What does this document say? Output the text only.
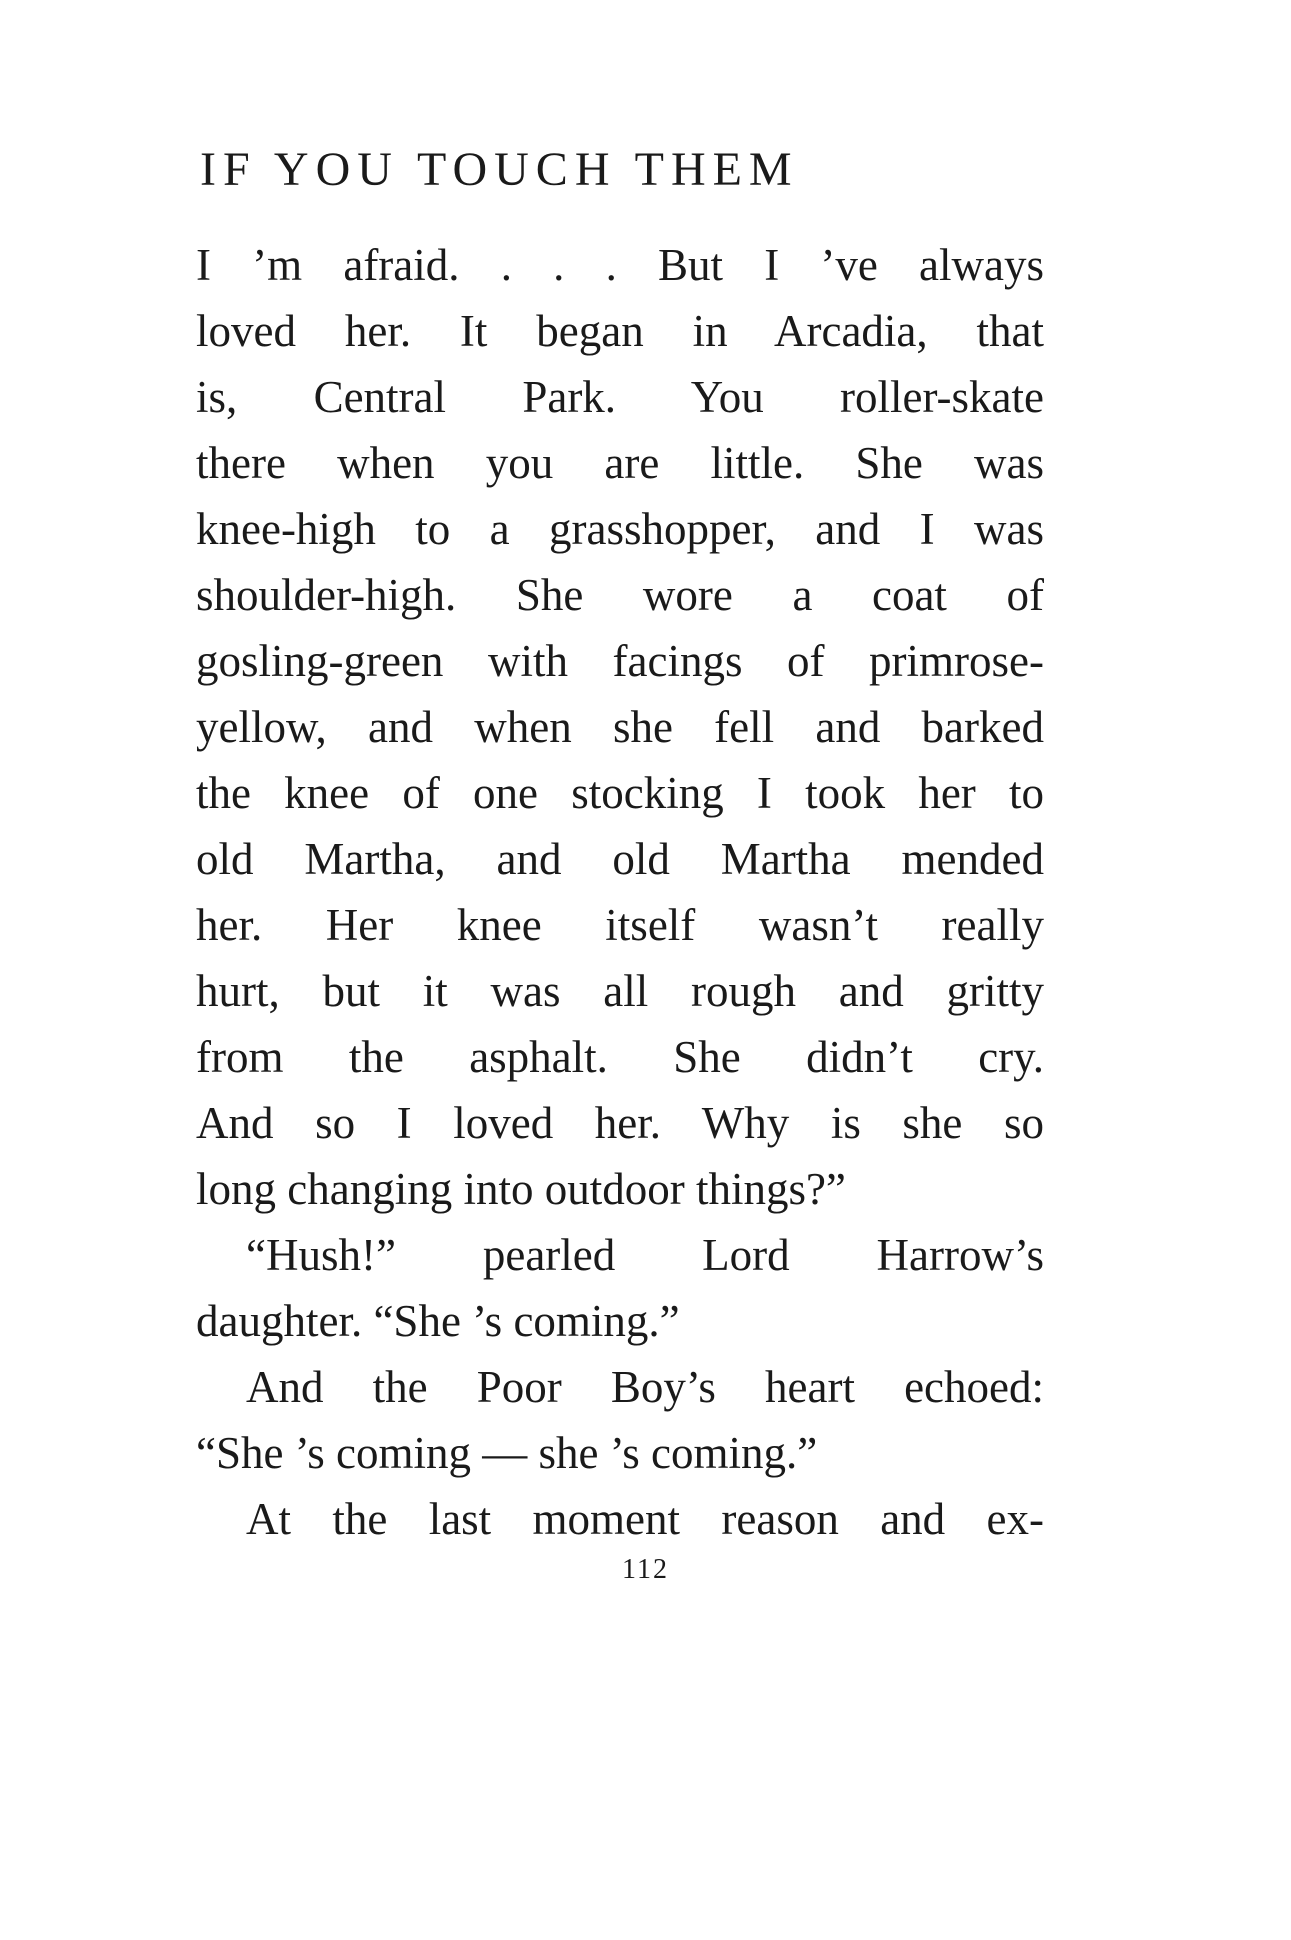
IF YOU TOUCH THEM
I ’m afraid. . . . But I ’ve always
loved her. It began in Arcadia, that
is, Central Park. You roller-skate
there when you are little. She was
knee-high to a grasshopper, and I was
shoulder-high. She wore a coat of
gosling-green with facings of primrose-
yellow, and when she fell and barked
the knee of one stocking I took her to
old Martha, and old Martha mended
her. Her knee itself wasn’t really
hurt, but it was all rough and gritty
from the asphalt. She didn’t cry.
And so I loved her. Why is she so
long changing into outdoor things?”
“Hush!” pearled Lord Harrow’s
daughter. “She ’s coming.”
And the Poor Boy’s heart echoed:
“She ’s coming — she ’s coming.”
At the last moment reason and ex-
112
